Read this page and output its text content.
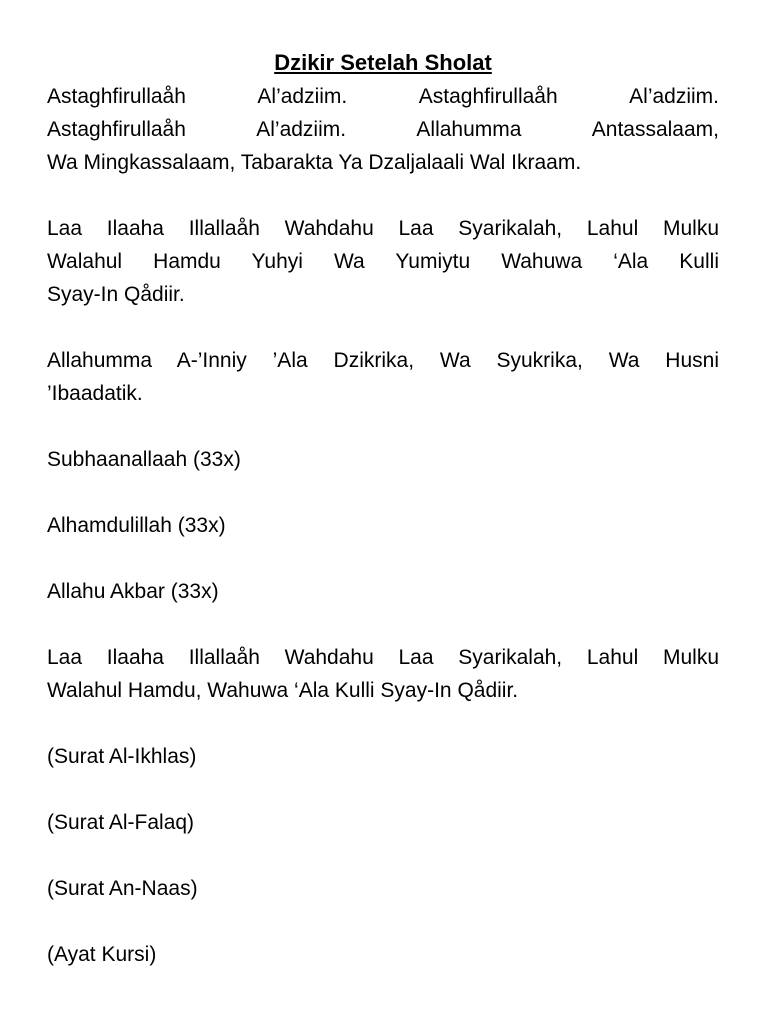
Dzikir Setelah Sholat
Astaghfirullaåh Al’adziim. Astaghfirullaåh Al’adziim.
Astaghfirullaåh Al’adziim. Allahumma Antassalaam,
Wa Mingkassalaam, Tabarakta Ya Dzaljalaali Wal Ikraam.
Laa Ilaaha Illallaåh Wahdahu Laa Syarikalah, Lahul Mulku
Walahul Hamdu Yuhyi Wa Yumiytu Wahuwa ‘Ala Kulli
Syay-In Qådiir.
Allahumma A-’Inniy ’Ala Dzikrika, Wa Syukrika, Wa Husni
’Ibaadatik.
Subhaanallaah (33x)
Alhamdulillah (33x)
Allahu Akbar (33x)
Laa Ilaaha Illallaåh Wahdahu Laa Syarikalah, Lahul Mulku
Walahul Hamdu, Wahuwa ‘Ala Kulli Syay-In Qådiir.
(Surat Al-Ikhlas)
(Surat Al-Falaq)
(Surat An-Naas)
(Ayat Kursi)
